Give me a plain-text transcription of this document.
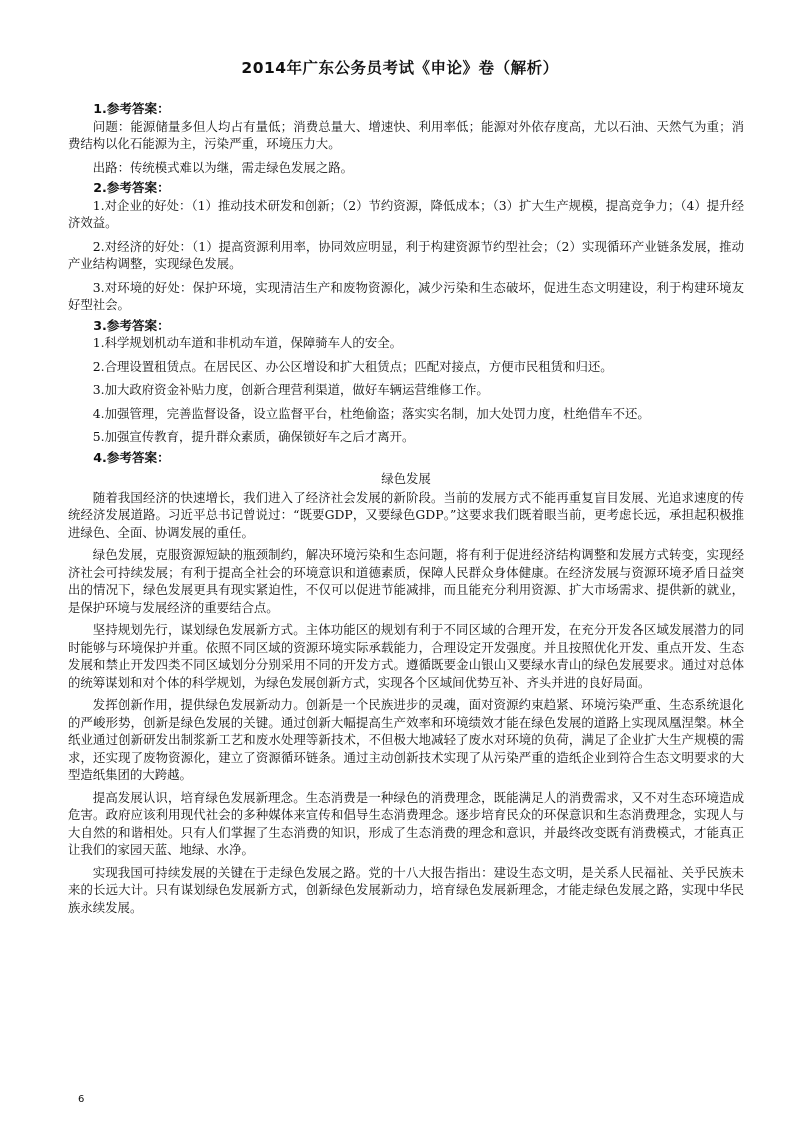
2014年广东公务员考试《申论》卷（解析）

1.参考答案：

问题：能源储量多但人均占有量低；消费总量大、增速快、利用率低；能源对外依存度高，尤以石油、天然气为重；消费结构以化石能源为主，污染严重，环境压力大。

出路：传统模式难以为继，需走绿色发展之路。

2.参考答案：

1.对企业的好处：（1）推动技术研发和创新；（2）节约资源，降低成本；（3）扩大生产规模，提高竞争力；（4）提升经济效益。

2.对经济的好处：（1）提高资源利用率，协同效应明显，利于构建资源节约型社会；（2）实现循环产业链条发展，推动产业结构调整，实现绿色发展。

3.对环境的好处：保护环境，实现清洁生产和废物资源化，减少污染和生态破坏，促进生态文明建设，利于构建环境友好型社会。

3.参考答案：

1.科学规划机动车道和非机动车道，保障骑车人的安全。

2.合理设置租赁点。在居民区、办公区增设和扩大租赁点；匹配对接点，方便市民租赁和归还。

3.加大政府资金补贴力度，创新合理营利渠道，做好车辆运营维修工作。

4.加强管理，完善监督设备，设立监督平台，杜绝偷盗；落实实名制，加大处罚力度，杜绝借车不还。

5.加强宣传教育，提升群众素质，确保锁好车之后才离开。

4.参考答案：

绿色发展

随着我国经济的快速增长，我们进入了经济社会发展的新阶段。当前的发展方式不能再重复盲目发展、光追求速度的传统经济发展道路。习近平总书记曾说过：“既要GDP，又要绿色GDP。”这要求我们既着眼当前，更考虑长远，承担起积极推进绿色、全面、协调发展的重任。

绿色发展，克服资源短缺的瓶颈制约，解决环境污染和生态问题，将有利于促进经济结构调整和发展方式转变，实现经济社会可持续发展；有利于提高全社会的环境意识和道德素质，保障人民群众身体健康。在经济发展与资源环境矛盾日益突出的情况下，绿色发展更具有现实紧迫性，不仅可以促进节能减排，而且能充分利用资源、扩大市场需求、提供新的就业，是保护环境与发展经济的重要结合点。

坚持规划先行，谋划绿色发展新方式。主体功能区的规划有利于不同区域的合理开发，在充分开发各区域发展潜力的同时能够与环境保护并重。依照不同区域的资源环境实际承载能力，合理设定开发强度。并且按照优化开发、重点开发、生态发展和禁止开发四类不同区域划分分别采用不同的开发方式。遵循既要金山银山又要绿水青山的绿色发展要求。通过对总体的统筹谋划和对个体的科学规划，为绿色发展创新方式，实现各个区域间优势互补、齐头并进的良好局面。

发挥创新作用，提供绿色发展新动力。创新是一个民族进步的灵魂，面对资源约束趋紧、环境污染严重、生态系统退化的严峻形势，创新是绿色发展的关键。通过创新大幅提高生产效率和环境绩效才能在绿色发展的道路上实现凤凰涅槃。林全纸业通过创新研发出制浆新工艺和废水处理等新技术，不但极大地减轻了废水对环境的负荷，满足了企业扩大生产规模的需求，还实现了废物资源化，建立了资源循环链条。通过主动创新技术实现了从污染严重的造纸企业到符合生态文明要求的大型造纸集团的大跨越。

提高发展认识，培育绿色发展新理念。生态消费是一种绿色的消费理念，既能满足人的消费需求，又不对生态环境造成危害。政府应该利用现代社会的多种媒体来宣传和倡导生态消费理念。逐步培育民众的环保意识和生态消费理念，实现人与大自然的和谐相处。只有人们掌握了生态消费的知识，形成了生态消费的理念和意识，并最终改变既有消费模式，才能真正让我们的家园天蓝、地绿、水净。

实现我国可持续发展的关键在于走绿色发展之路。党的十八大报告指出：建设生态文明，是关系人民福祉、关乎民族未来的长远大计。只有谋划绿色发展新方式，创新绿色发展新动力，培育绿色发展新理念，才能走绿色发展之路，实现中华民族永续发展。

6
